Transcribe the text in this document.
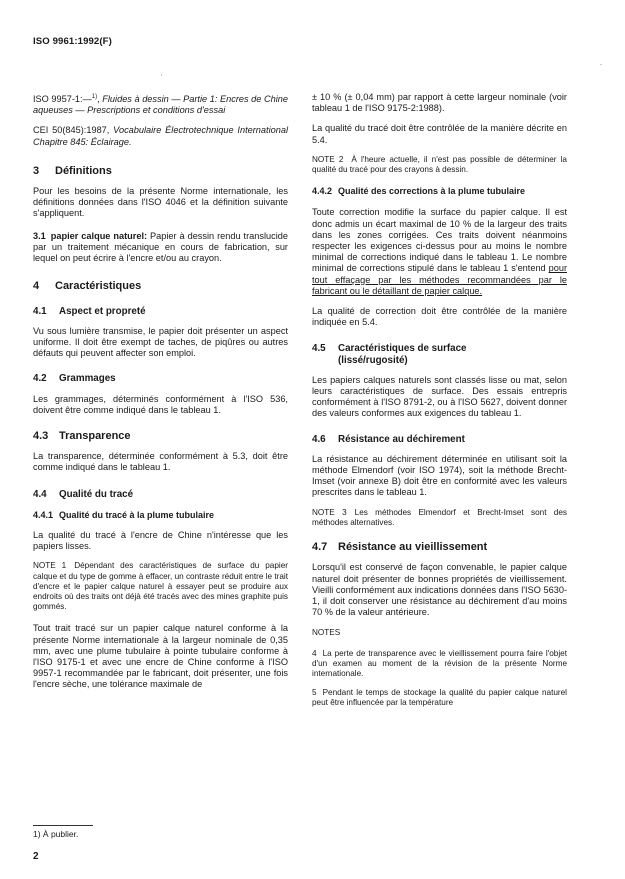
ISO 9961:1992(F)
'
-

ISO 9957-1:—$^{1)}$, Fluides à dessin — Partie 1: Encres de Chine aqueuses — Prescriptions et conditions d'essai

CEI 50(845):1987, Vocabulaire Électrotechnique International Chapitre 845: Éclairage.

3 Définitions

Pour les besoins de la présente Norme internationale, les définitions données dans l'ISO 4046 et la définition suivante s'appliquent.

3.1 papier calque naturel: Papier à dessin rendu translucide par un traitement mécanique en cours de fabrication, sur lequel on peut écrire à l'encre et/ou au crayon.

4 Caractéristiques
4.1 Aspect et propreté

Vu sous lumière transmise, le papier doit présenter un aspect uniforme. Il doit être exempt de taches, de piqûres ou autres défauts qui peuvent affecter son emploi.

4.2 Grammages

Les grammages, déterminés conformément à l'ISO 536, doivent être comme indiqué dans le tableau 1.

4.3 Transparence

La transparence, déterminée conformément à 5.3, doit être comme indiqué dans le tableau 1.

4.4 Qualité du tracé
4.4.1 Qualité du tracé à la plume tubulaire

La qualité du tracé à l'encre de Chine n'intéresse que les papiers lisses.

NOTE 1 Dépendant des caractéristiques de surface du papier calque et du type de gomme à effacer, un contraste réduit entre le trait d'encre et le papier calque naturel à essayer peut se produire aux endroits où des traits ont déjà été tracés avec des mines graphite puis gommés.

Tout trait tracé sur un papier calque naturel conforme à la présente Norme internationale à la largeur nominale de 0,35 mm, avec une plume tubulaire à pointe tubulaire conforme à l'ISO 9175-1 et avec une encre de Chine conforme à l'ISO 9957-1 recommandée par le fabricant, doit présenter, une fois l'encre sèche, une tolérance maximale de

± 10 % (± 0,04 mm) par rapport à cette largeur nominale (voir tableau 1 de l'ISO 9175-2:1988).

La qualité du tracé doit être contrôlée de la manière décrite en 5.4.

NOTE 2 À l'heure actuelle, il n'est pas possible de déterminer la qualité du tracé pour des crayons à dessin.

4.4.2 Qualité des corrections à la plume tubulaire

Toute correction modifie la surface du papier calque. Il est donc admis un écart maximal de 10 % de la largeur des traits dans les zones corrigées. Ces traits doivent néanmoins respecter les exigences ci-dessus pour au moins le nombre minimal de corrections indiqué dans le tableau 1. Le nombre minimal de corrections stipulé dans le tableau 1 s'entend pour tout effaçage par les méthodes recommandées par le fabricant ou le détaillant de papier calque.

La qualité de correction doit être contrôlée de la manière indiquée en 5.4.

4.5	Caractéristiques de surface (lissé/rugosité)

Les papiers calques naturels sont classés lisse ou mat, selon leurs caractéristiques de surface. Des essais entrepris conformément à l'ISO 8791-2, ou à l'ISO 5627, doivent donner des valeurs conformes aux exigences du tableau 1.

4.6 Résistance au déchirement

La résistance au déchirement déterminée en utilisant soit la méthode Elmendorf (voir ISO 1974), soit la méthode Brecht-Imset (voir annexe B) doit être en conformité avec les valeurs prescrites dans le tableau 1.

NOTE 3 Les méthodes Elmendorf et Brecht-Imset sont des méthodes alternatives.

4.7 Résistance au vieillissement

Lorsqu'il est conservé de façon convenable, le papier calque naturel doit présenter de bonnes propriétés de vieillissement. Vieilli conformément aux indications données dans l'ISO 5630-1, il doit conserver une résistance au déchirement d'au moins 70 % de la valeur antérieure.

NOTES

4 La perte de transparence avec le vieillissement pourra faire l'objet d'un examen au moment de la révision de la présente Norme internationale.

5 Pendant le temps de stockage la qualité du papier calque naturel peut être influencée par la température

1) À publier.
2
